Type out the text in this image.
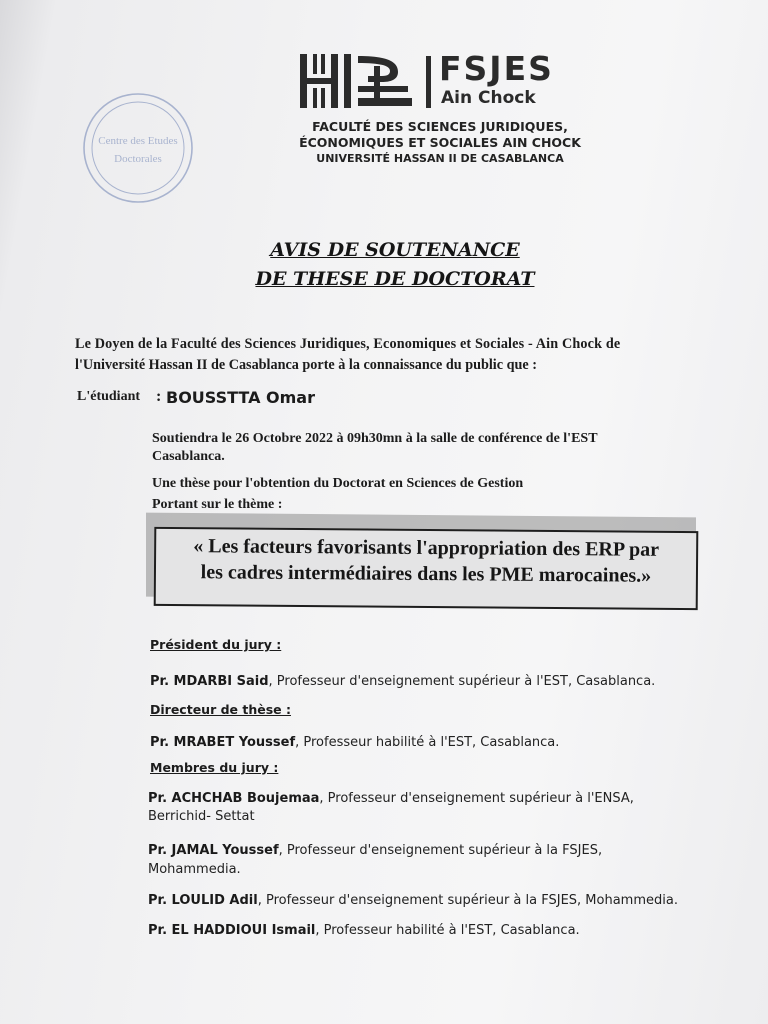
Centre des Etudes
Doctorales
FSJES
Ain Chock
FACULTÉ DES SCIENCES JURIDIQUES,
ÉCONOMIQUES ET SOCIALES AIN CHOCK
UNIVERSITÉ HASSAN II DE CASABLANCA
AVIS DE SOUTENANCE
DE THESE DE DOCTORAT
Le Doyen de la Faculté des Sciences Juridiques, Economiques et Sociales - Ain Chock de
l'Université Hassan II de Casablanca porte à la connaissance du public que :
L'étudiant : BOUSSTTA Omar
Soutiendra le 26 Octobre 2022 à 09h30mn à la salle de conférence de l'EST
Casablanca.
Une thèse pour l'obtention du Doctorat en Sciences de Gestion
Portant sur le thème :
« Les facteurs favorisants l'appropriation des ERP par
les cadres intermédiaires dans les PME marocaines.»
Président du jury :
Pr. MDARBI Said, Professeur d'enseignement supérieur à l'EST, Casablanca.
Directeur de thèse :
Pr. MRABET Youssef, Professeur habilité à l'EST, Casablanca.
Membres du jury :
Pr. ACHCHAB Boujemaa, Professeur d'enseignement supérieur à l'ENSA,
Berrichid- Settat
Pr. JAMAL Youssef, Professeur d'enseignement supérieur à la FSJES,
Mohammedia.
Pr. LOULID Adil, Professeur d'enseignement supérieur à la FSJES, Mohammedia.
Pr. EL HADDIOUI Ismail, Professeur habilité à l'EST, Casablanca.
